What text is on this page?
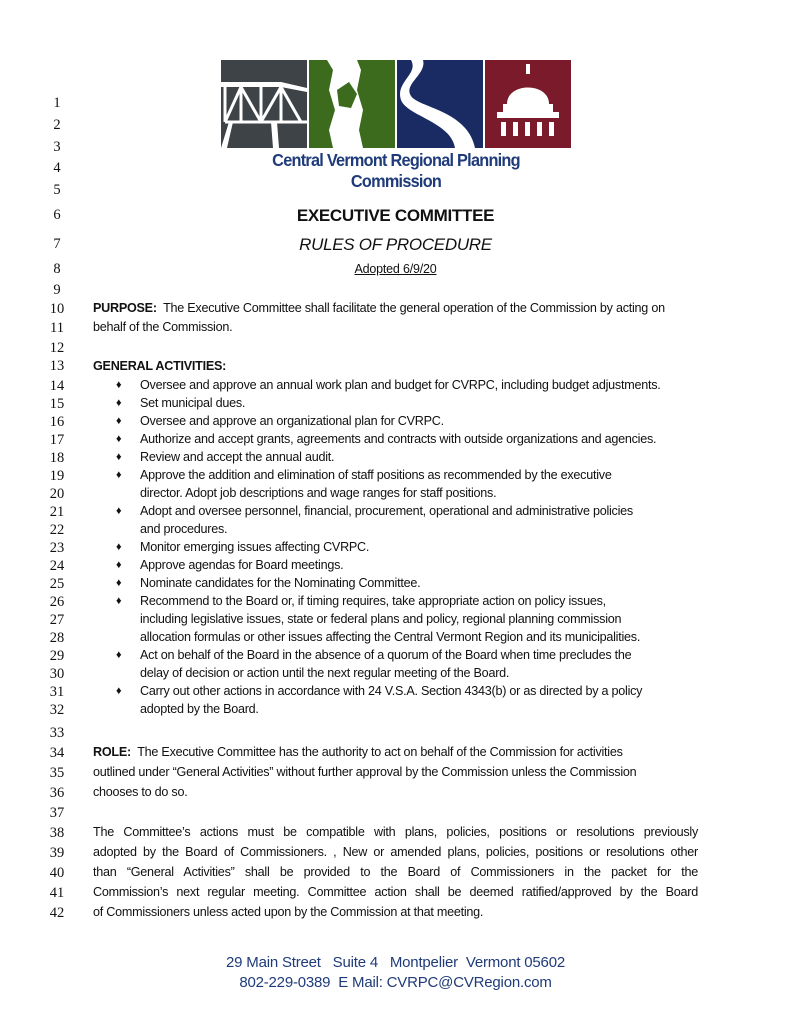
Central Vermont Regional Planning Commission
1
2
3
4
5
6
7
8
9
10
11
12
13
14
15
16
17
18
19
20
21
22
23
24
25
26
27
28
29
30
31
32
33
34
35
36
37
38
39
40
41
42
EXECUTIVE COMMITTEE
RULES OF PROCEDURE
Adopted 6/9/20
PURPOSE: The Executive Committee shall facilitate the general operation of the Commission by acting on
behalf of the Commission.
GENERAL ACTIVITIES:
♦ Oversee and approve an annual work plan and budget for CVRPC, including budget adjustments.
♦ Set municipal dues.
♦ Oversee and approve an organizational plan for CVRPC.
♦ Authorize and accept grants, agreements and contracts with outside organizations and agencies.
♦ Review and accept the annual audit.
♦ Approve the addition and elimination of staff positions as recommended by the executive
director. Adopt job descriptions and wage ranges for staff positions.
♦ Adopt and oversee personnel, financial, procurement, operational and administrative policies
and procedures.
♦ Monitor emerging issues affecting CVRPC.
♦ Approve agendas for Board meetings.
♦ Nominate candidates for the Nominating Committee.
♦ Recommend to the Board or, if timing requires, take appropriate action on policy issues,
including legislative issues, state or federal plans and policy, regional planning commission
allocation formulas or other issues affecting the Central Vermont Region and its municipalities.
♦ Act on behalf of the Board in the absence of a quorum of the Board when time precludes the
delay of decision or action until the next regular meeting of the Board.
♦ Carry out other actions in accordance with 24 V.S.A. Section 4343(b) or as directed by a policy
adopted by the Board.
ROLE: The Executive Committee has the authority to act on behalf of the Commission for activities
outlined under “General Activities” without further approval by the Commission unless the Commission
chooses to do so.
The Committee’s actions must be compatible with plans, policies, positions or resolutions previously
adopted by the Board of Commissioners. , New or amended plans, policies, positions or resolutions other
than “General Activities” shall be provided to the Board of Commissioners in the packet for the
Commission’s next regular meeting. Committee action shall be deemed ratified/approved by the Board
of Commissioners unless acted upon by the Commission at that meeting.
29 Main Street   Suite 4   Montpelier  Vermont 05602
802-229-0389  E Mail: CVRPC@CVRegion.com
